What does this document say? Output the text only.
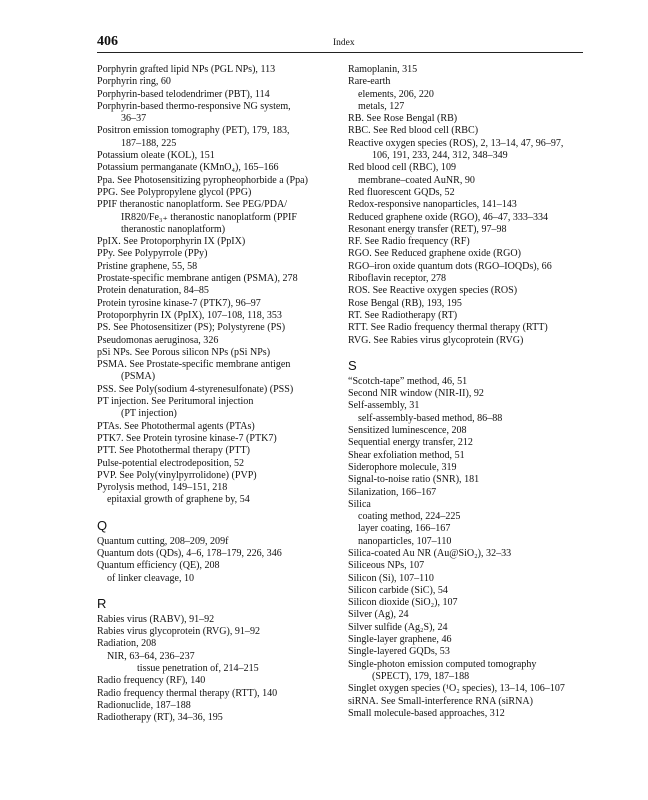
406	Index
Porphyrin grafted lipid NPs (PGL NPs), 113
Porphyrin ring, 60
Porphyrin-based telodendrimer (PBT), 114
Porphyrin-based thermo-responsive NG system,
36–37
Positron emission tomography (PET), 179, 183,
187–188, 225
Potassium oleate (KOL), 151
Potassium permanganate (KMnO₄), 165–166
Ppa. See Photosensitizing pyropheophorbide a (Ppa)
PPG. See Polypropylene glycol (PPG)
PPIF theranostic nanoplatform. See PEG/PDA/
IR820/Fe₃₊ theranostic nanoplatform (PPIF
theranostic nanoplatform)
PpIX. See Protoporphyrin IX (PpIX)
PPy. See Polypyrrole (PPy)
Pristine graphene, 55, 58
Prostate-specific membrane antigen (PSMA), 278
Protein denaturation, 84–85
Protein tyrosine kinase-7 (PTK7), 96–97
Protoporphyrin IX (PpIX), 107–108, 118, 353
PS. See Photosensitizer (PS); Polystyrene (PS)
Pseudomonas aeruginosa, 326
pSi NPs. See Porous silicon NPs (pSi NPs)
PSMA. See Prostate-specific membrane antigen
(PSMA)
PSS. See Poly(sodium 4-styrenesulfonate) (PSS)
PT injection. See Peritumoral injection
(PT injection)
PTAs. See Photothermal agents (PTAs)
PTK7. See Protein tyrosine kinase-7 (PTK7)
PTT. See Photothermal therapy (PTT)
Pulse-potential electrodeposition, 52
PVP. See Poly(vinylpyrrolidone) (PVP)
Pyrolysis method, 149–151, 218
epitaxial growth of graphene by, 54
Q
Quantum cutting, 208–209, 209f
Quantum dots (QDs), 4–6, 178–179, 226, 346
Quantum efficiency (QE), 208
of linker cleavage, 10
R
Rabies virus (RABV), 91–92
Rabies virus glycoprotein (RVG), 91–92
Radiation, 208
NIR, 63–64, 236–237
tissue penetration of, 214–215
Radio frequency (RF), 140
Radio frequency thermal therapy (RTT), 140
Radionuclide, 187–188
Radiotherapy (RT), 34–36, 195
Ramoplanin, 315
Rare-earth
elements, 206, 220
metals, 127
RB. See Rose Bengal (RB)
RBC. See Red blood cell (RBC)
Reactive oxygen species (ROS), 2, 13–14, 47, 96–97,
106, 191, 233, 244, 312, 348–349
Red blood cell (RBC), 109
membrane–coated AuNR, 90
Red fluorescent GQDs, 52
Redox-responsive nanoparticles, 141–143
Reduced graphene oxide (RGO), 46–47, 333–334
Resonant energy transfer (RET), 97–98
RF. See Radio frequency (RF)
RGO. See Reduced graphene oxide (RGO)
RGO–iron oxide quantum dots (RGO–IOQDs), 66
Riboflavin receptor, 278
ROS. See Reactive oxygen species (ROS)
Rose Bengal (RB), 193, 195
RT. See Radiotherapy (RT)
RTT. See Radio frequency thermal therapy (RTT)
RVG. See Rabies virus glycoprotein (RVG)
S
“Scotch-tape” method, 46, 51
Second NIR window (NIR-II), 92
Self-assembly, 31
self-assembly-based method, 86–88
Sensitized luminescence, 208
Sequential energy transfer, 212
Shear exfoliation method, 51
Siderophore molecule, 319
Signal-to-noise ratio (SNR), 181
Silanization, 166–167
Silica
coating method, 224–225
layer coating, 166–167
nanoparticles, 107–110
Silica-coated Au NR (Au@SiO₂), 32–33
Siliceous NPs, 107
Silicon (Si), 107–110
Silicon carbide (SiC), 54
Silicon dioxide (SiO₂), 107
Silver (Ag), 24
Silver sulfide (Ag₂S), 24
Single-layer graphene, 46
Single-layered GQDs, 53
Single-photon emission computed tomography
(SPECT), 179, 187–188
Singlet oxygen species (¹O₂ species), 13–14, 106–107
siRNA. See Small-interference RNA (siRNA)
Small molecule-based approaches, 312
